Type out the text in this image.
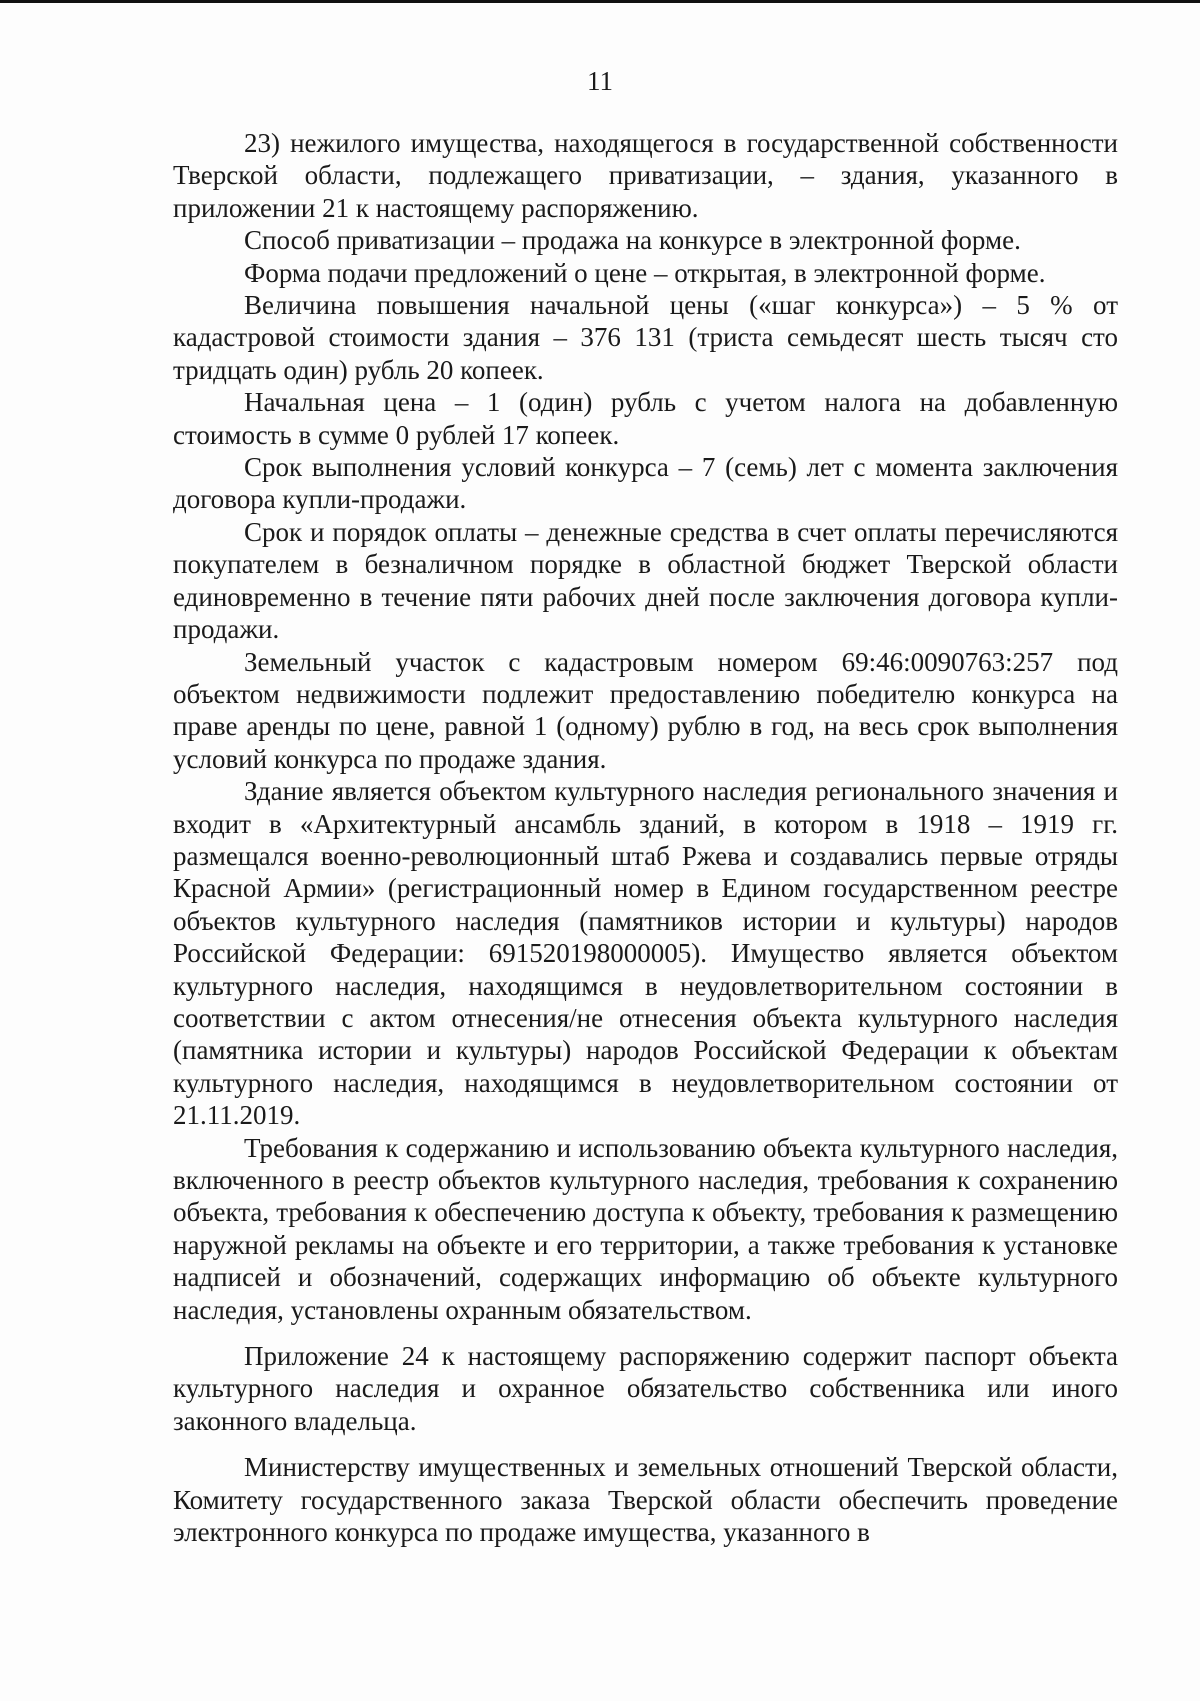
11

23) нежилого имущества, находящегося в государственной собственности Тверской области, подлежащего приватизации, – здания, указанного в приложении 21 к настоящему распоряжению.

Способ приватизации – продажа на конкурсе в электронной форме.

Форма подачи предложений о цене – открытая, в электронной форме.

Величина повышения начальной цены («шаг конкурса») – 5 % от кадастровой стоимости здания – 376 131 (триста семьдесят шесть тысяч сто тридцать один) рубль 20 копеек.

Начальная цена – 1 (один) рубль с учетом налога на добавленную стоимость в сумме 0 рублей 17 копеек.

Срок выполнения условий конкурса – 7 (семь) лет с момента заключения договора купли-продажи.

Срок и порядок оплаты – денежные средства в счет оплаты перечисляются покупателем в безналичном порядке в областной бюджет Тверской области единовременно в течение пяти рабочих дней после заключения договора купли-продажи.

Земельный участок с кадастровым номером 69:46:0090763:257 под объектом недвижимости подлежит предоставлению победителю конкурса на праве аренды по цене, равной 1 (одному) рублю в год, на весь срок выполнения условий конкурса по продаже здания.

Здание является объектом культурного наследия регионального значения и входит в «Архитектурный ансамбль зданий, в котором в 1918 – 1919 гг. размещался военно-революционный штаб Ржева и создавались первые отряды Красной Армии» (регистрационный номер в Едином государственном реестре объектов культурного наследия (памятников истории и культуры) народов Российской Федерации: 691520198000005). Имущество является объектом культурного наследия, находящимся в неудовлетворительном состоянии в соответствии с актом отнесения/не отнесения объекта культурного наследия (памятника истории и культуры) народов Российской Федерации к объектам культурного наследия, находящимся в неудовлетворительном состоянии от 21.11.2019.

Требования к содержанию и использованию объекта культурного наследия, включенного в реестр объектов культурного наследия, требования к сохранению объекта, требования к обеспечению доступа к объекту, требования к размещению наружной рекламы на объекте и его территории, а также требования к установке надписей и обозначений, содержащих информацию об объекте культурного наследия, установлены охранным обязательством.

Приложение 24 к настоящему распоряжению содержит паспорт объекта культурного наследия и охранное обязательство собственника или иного законного владельца.

Министерству имущественных и земельных отношений Тверской области, Комитету государственного заказа Тверской области обеспечить проведение электронного конкурса по продаже имущества, указанного в
